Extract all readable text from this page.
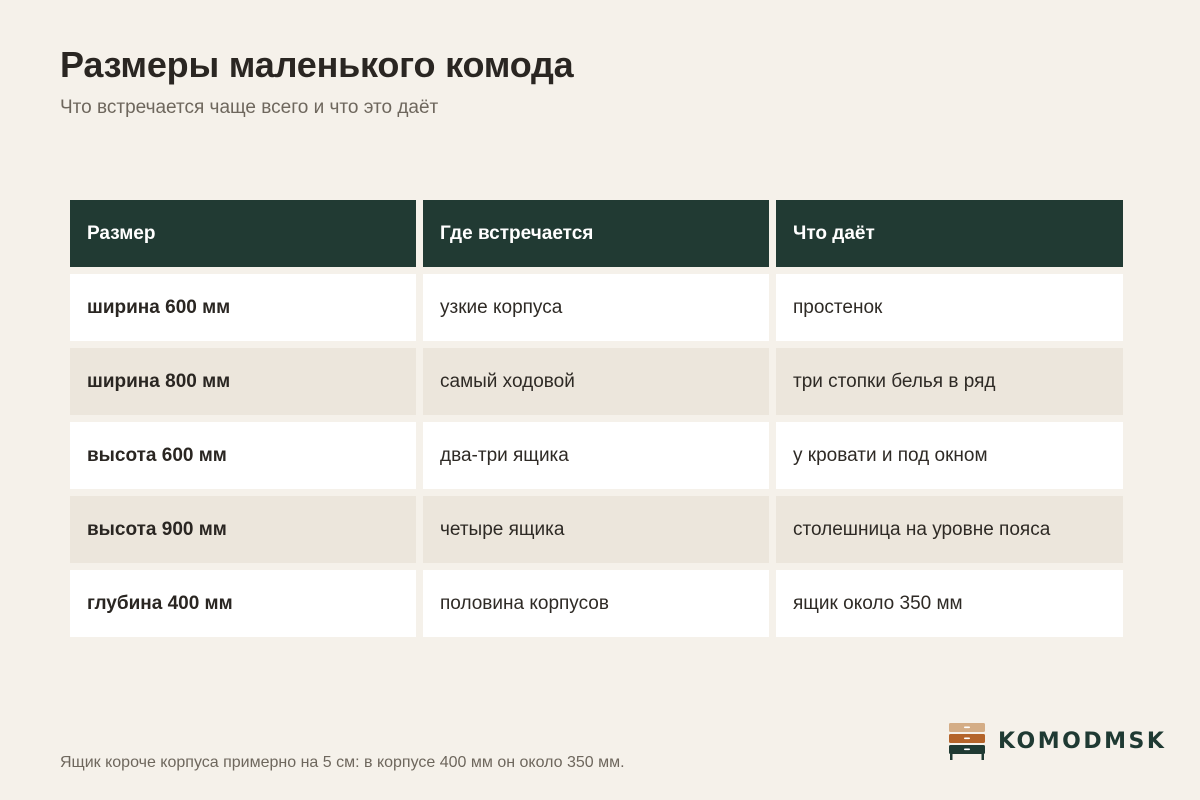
Размеры маленького комода

Что встречается чаще всего и что это даёт

Размер	Где встречается	Что даёт
ширина 600 мм	узкие корпуса	простенок
ширина 800 мм	самый ходовой	три стопки белья в ряд
высота 600 мм	два-три ящика	у кровати и под окном
высота 900 мм	четыре ящика	столешница на уровне пояса
глубина 400 мм	половина корпусов	ящик около 350 мм

Ящик короче корпуса примерно на 5 см: в корпусе 400 мм он около 350 мм.

KOMODMSK
